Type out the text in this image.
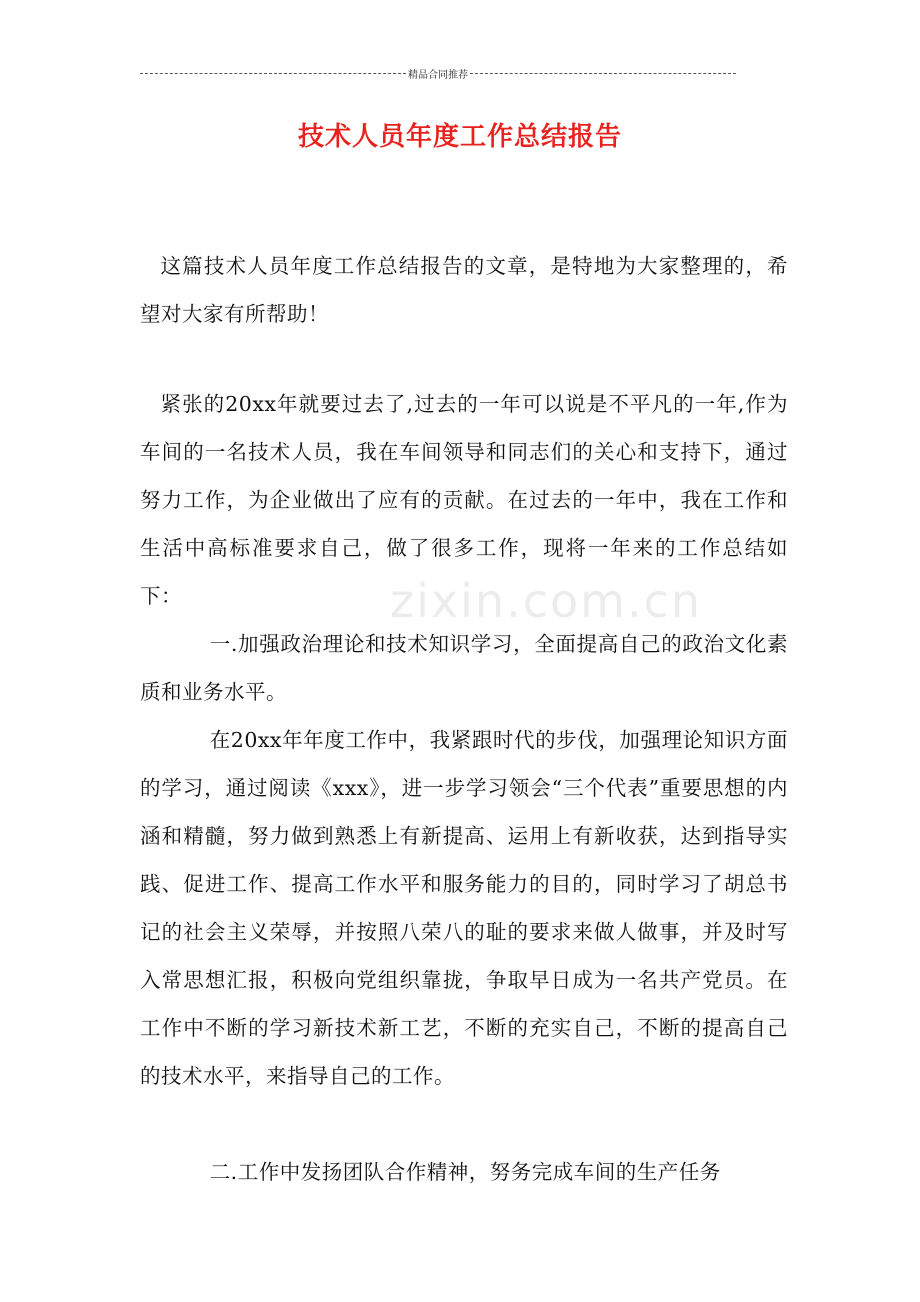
精品合同推荐
技术人员年度工作总结报告
zixin.com.cn

这篇技术人员年度工作总结报告的文章，是特地为大家整理的，希望对大家有所帮助！

紧张的20xx年就要过去了,过去的一年可以说是不平凡的一年,作为车间的一名技术人员，我在车间领导和同志们的关心和支持下，通过努力工作，为企业做出了应有的贡献。在过去的一年中，我在工作和生活中高标准要求自己，做了很多工作，现将一年来的工作总结如下：

一.加强政治理论和技术知识学习，全面提高自己的政治文化素质和业务水平。

在20xx年年度工作中，我紧跟时代的步伐，加强理论知识方面的学习，通过阅读《xxx》，进一步学习领会“三个代表”重要思想的内涵和精髓，努力做到熟悉上有新提高、运用上有新收获，达到指导实践、促进工作、提高工作水平和服务能力的目的，同时学习了胡总书记的社会主义荣辱，并按照八荣八的耻的要求来做人做事，并及时写入常思想汇报，积极向党组织靠拢，争取早日成为一名共产党员。在工作中不断的学习新技术新工艺，不断的充实自己，不断的提高自己的技术水平，来指导自己的工作。

二.工作中发扬团队合作精神，努务完成车间的生产任务
